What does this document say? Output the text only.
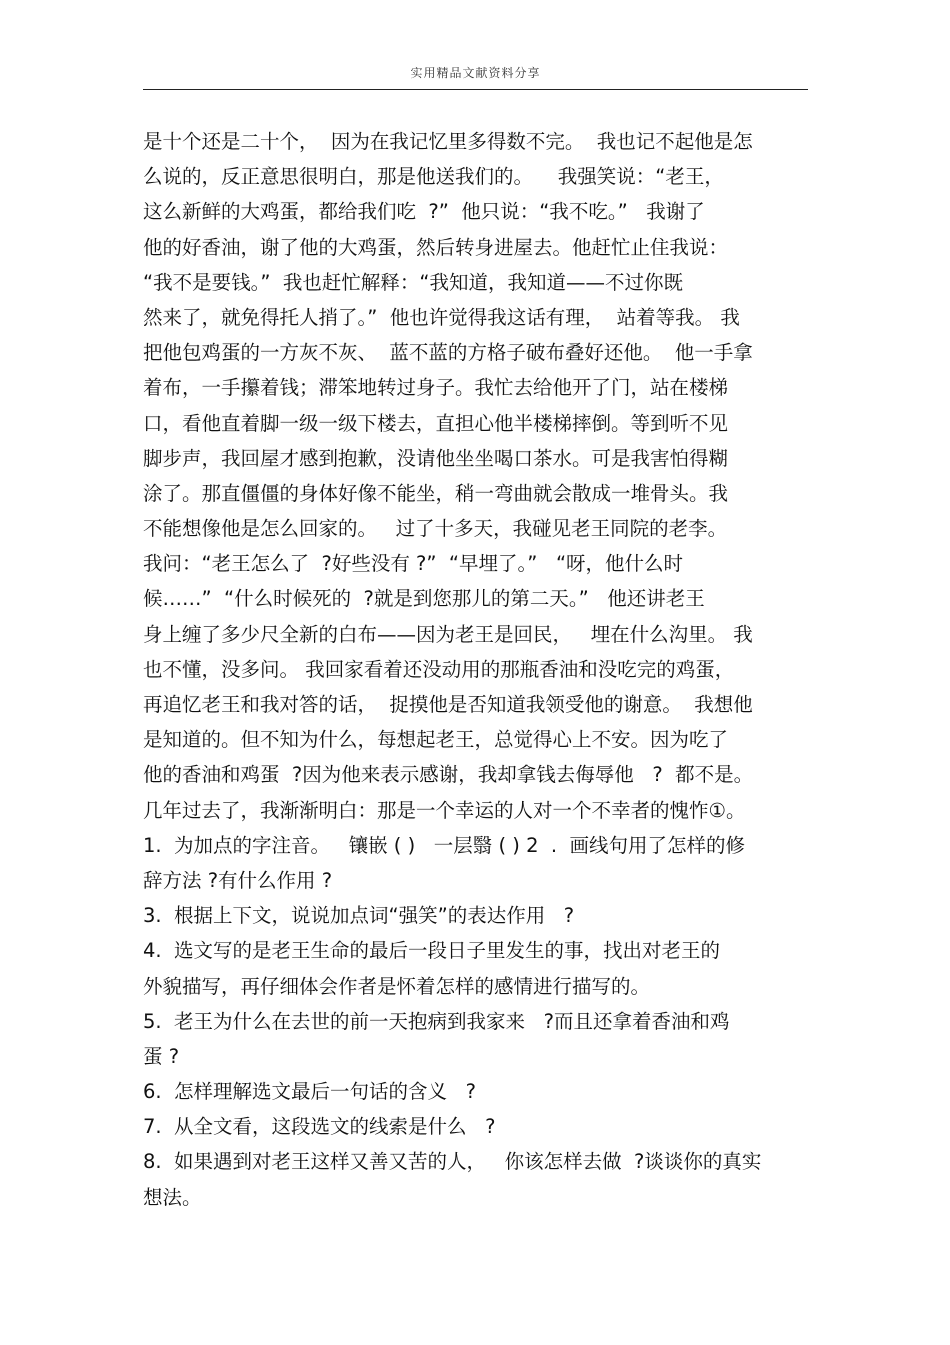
实用精品文献资料分享
是十个还是二十个，  因为在我记忆里多得数不完。  我也记不起他是怎
么说的，反正意思很明白，那是他送我们的。    我强笑说：“老王，
这么新鲜的大鸡蛋，都给我们吃  ?”  他只说：“我不吃。”   我谢了
他的好香油，谢了他的大鸡蛋，然后转身进屋去。他赶忙止住我说：
“我不是要钱。”  我也赶忙解释：“我知道，我知道——不过你既
然来了，就免得托人捎了。”  他也许觉得我这话有理，  站着等我。 我
把他包鸡蛋的一方灰不灰、  蓝不蓝的方格子破布叠好还他。  他一手拿
着布，一手攥着钱；滞笨地转过身子。我忙去给他开了门，站在楼梯
口，看他直着脚一级一级下楼去，直担心他半楼梯摔倒。等到听不见
脚步声，我回屋才感到抱歉，没请他坐坐喝口茶水。可是我害怕得糊
涂了。那直僵僵的身体好像不能坐，稍一弯曲就会散成一堆骨头。我
不能想像他是怎么回家的。   过了十多天，我碰见老王同院的老李。
我问：“老王怎么了  ?好些没有 ?”  “早埋了。”   “呀，他什么时
候……”  “什么时候死的  ?就是到您那儿的第二天。”   他还讲老王
身上缠了多少尺全新的白布——因为老王是回民，   埋在什么沟里。 我
也不懂，没多问。 我回家看着还没动用的那瓶香油和没吃完的鸡蛋，
再追忆老王和我对答的话，  捉摸他是否知道我领受他的谢意。  我想他
是知道的。但不知为什么，每想起老王，总觉得心上不安。因为吃了
他的香油和鸡蛋  ?因为他来表示感谢，我却拿钱去侮辱他   ?  都不是。
几年过去了，我渐渐明白：那是一个幸运的人对一个不幸者的愧怍①。
1.  为加点的字注音。   镶嵌 ( )   一层翳 ( ) 2  .  画线句用了怎样的修
辞方法 ?有什么作用 ?
3.  根据上下文，说说加点词“强笑”的表达作用   ?
4.  选文写的是老王生命的最后一段日子里发生的事，找出对老王的
外貌描写，再仔细体会作者是怀着怎样的感情进行描写的。
5.  老王为什么在去世的前一天抱病到我家来   ?而且还拿着香油和鸡
蛋 ?
6.  怎样理解选文最后一句话的含义   ?
7.  从全文看，这段选文的线索是什么   ?
8.  如果遇到对老王这样又善又苦的人，   你该怎样去做  ?谈谈你的真实
想法。
